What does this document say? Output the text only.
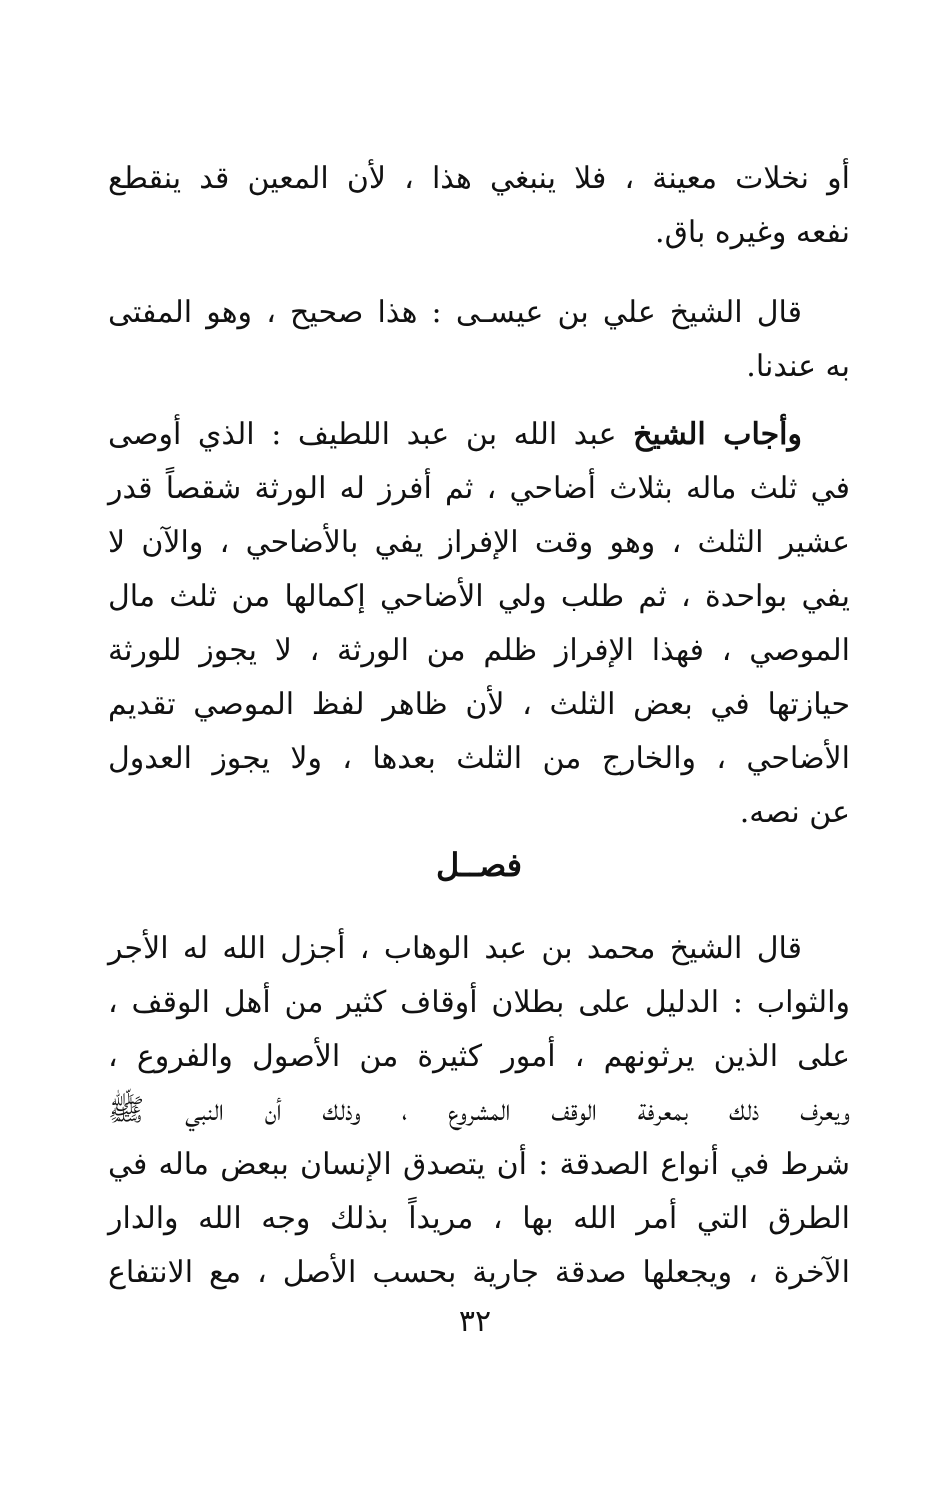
أو نخلات معينة ، فلا ينبغي هذا ، لأن المعين قد ينقطع
نفعه وغيره باق.
قال الشيخ علي بن عيسـى : هذا صحيح ، وهو المفتى
به عندنا.
وأجاب الشيخ عبد الله بن عبد اللطيف : الذي أوصى
في ثلث ماله بثلاث أضاحي ، ثم أفرز له الورثة شقصاً قدر
عشير الثلث ، وهو وقت الإفراز يفي بالأضاحي ، والآن لا
يفي بواحدة ، ثم طلب ولي الأضاحي إكمالها من ثلث مال
الموصي ، فهذا الإفراز ظلم من الورثة ، لا يجوز للورثة
حيازتها في بعض الثلث ، لأن ظاهر لفظ الموصي تقديم
الأضاحي ، والخارج من الثلث بعدها ، ولا يجوز العدول
عن نصه.
فصــل
قال الشيخ محمد بن عبد الوهاب ، أجزل الله له الأجر
والثواب : الدليل على بطلان أوقاف كثير من أهل الوقف ،
على الذين يرثونهم ، أمور كثيرة من الأصول والفروع ،
ويعرف ذلك بمعرفة الوقف المشروع ، وذلك أن النبي ﷺ
شرط في أنواع الصدقة : أن يتصدق الإنسان ببعض ماله في
الطرق التي أمر الله بها ، مريداً بذلك وجه الله والدار
الآخرة ، ويجعلها صدقة جارية بحسب الأصل ، مع الانتفاع
٣٢
